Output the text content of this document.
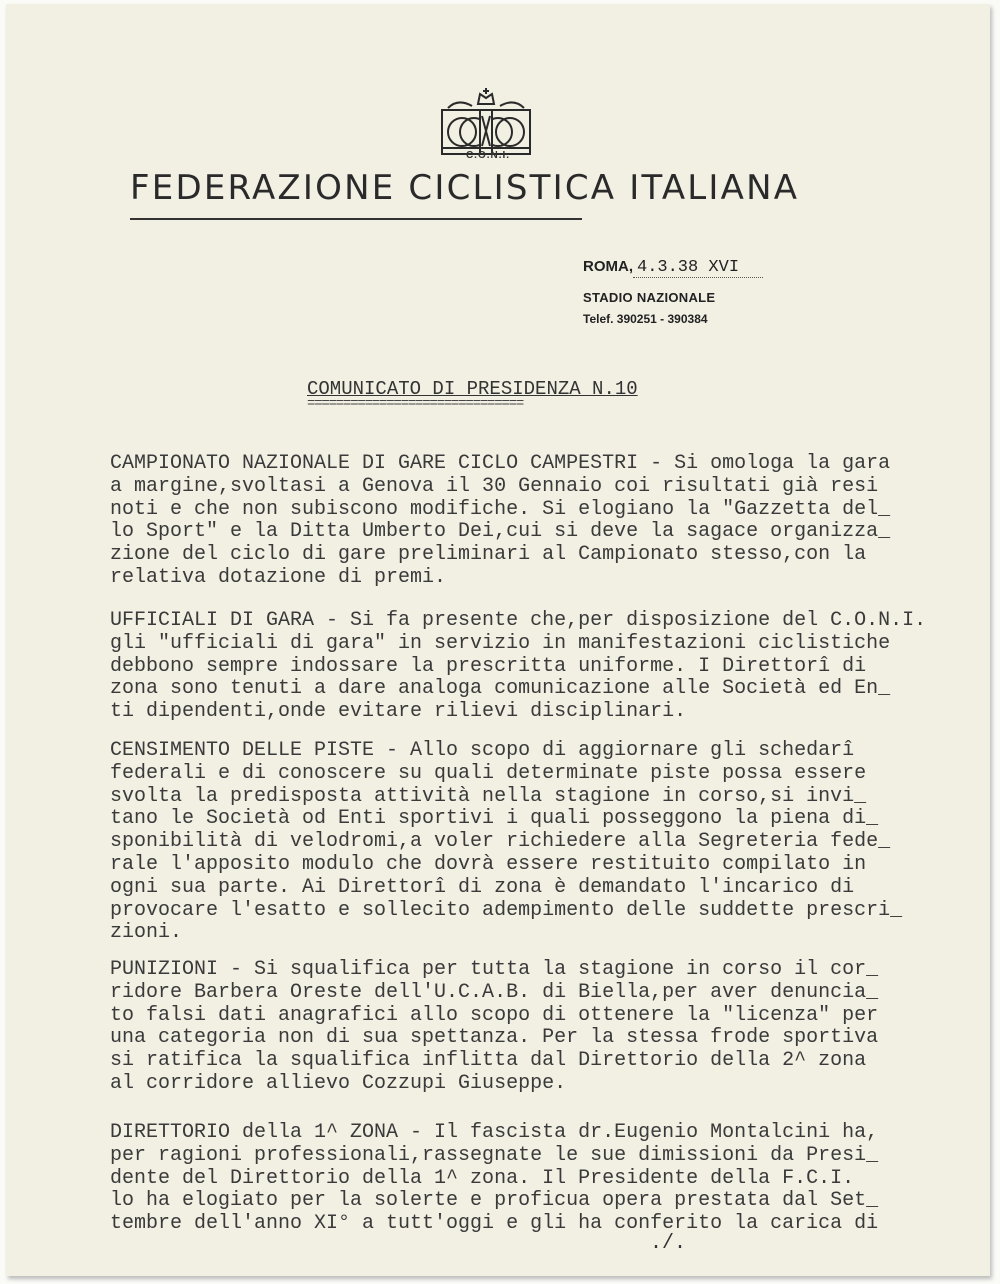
C.O.N.I.
FEDERAZIONE CICLISTICA ITALIANA
ROMA, 4.3.38 XVI
STADIO NAZIONALE
Telef. 390251 - 390384
COMUNICATO DI PRESIDENZA N.10
==============================
CAMPIONATO NAZIONALE DI GARE CICLO CAMPESTRI - Si omologa la gara
a margine,svoltasi a Genova il 30 Gennaio coi risultati già resi
noti e che non subiscono modifiche. Si elogiano la "Gazzetta del_
lo Sport" e la Ditta Umberto Dei,cui si deve la sagace organizza_
zione del ciclo di gare preliminari al Campionato stesso,con la
relativa dotazione di premi.
UFFICIALI DI GARA - Si fa presente che,per disposizione del C.O.N.I.
gli "ufficiali di gara" in servizio in manifestazioni ciclistiche
debbono sempre indossare la prescritta uniforme. I Direttorî di
zona sono tenuti a dare analoga comunicazione alle Società ed En_
ti dipendenti,onde evitare rilievi disciplinari.
CENSIMENTO DELLE PISTE - Allo scopo di aggiornare gli schedarî
federali e di conoscere su quali determinate piste possa essere
svolta la predisposta attività nella stagione in corso,si invi_
tano le Società od Enti sportivi i quali posseggono la piena di_
sponibilità di velodromi,a voler richiedere alla Segreteria fede_
rale l'apposito modulo che dovrà essere restituito compilato in
ogni sua parte. Ai Direttorî di zona è demandato l'incarico di
provocare l'esatto e sollecito adempimento delle suddette prescri_
zioni.
PUNIZIONI - Si squalifica per tutta la stagione in corso il cor_
ridore Barbera Oreste dell'U.C.A.B. di Biella,per aver denuncia_
to falsi dati anagrafici allo scopo di ottenere la "licenza" per
una categoria non di sua spettanza. Per la stessa frode sportiva
si ratifica la squalifica inflitta dal Direttorio della 2^ zona
al corridore allievo Cozzupi Giuseppe.
DIRETTORIO della 1^ ZONA - Il fascista dr.Eugenio Montalcini ha,
per ragioni professionali,rassegnate le sue dimissioni da Presi_
dente del Direttorio della 1^ zona. Il Presidente della F.C.I.
lo ha elogiato per la solerte e proficua opera prestata dal Set_
tembre dell'anno XI° a tutt'oggi e gli ha conferito la carica di
./.
